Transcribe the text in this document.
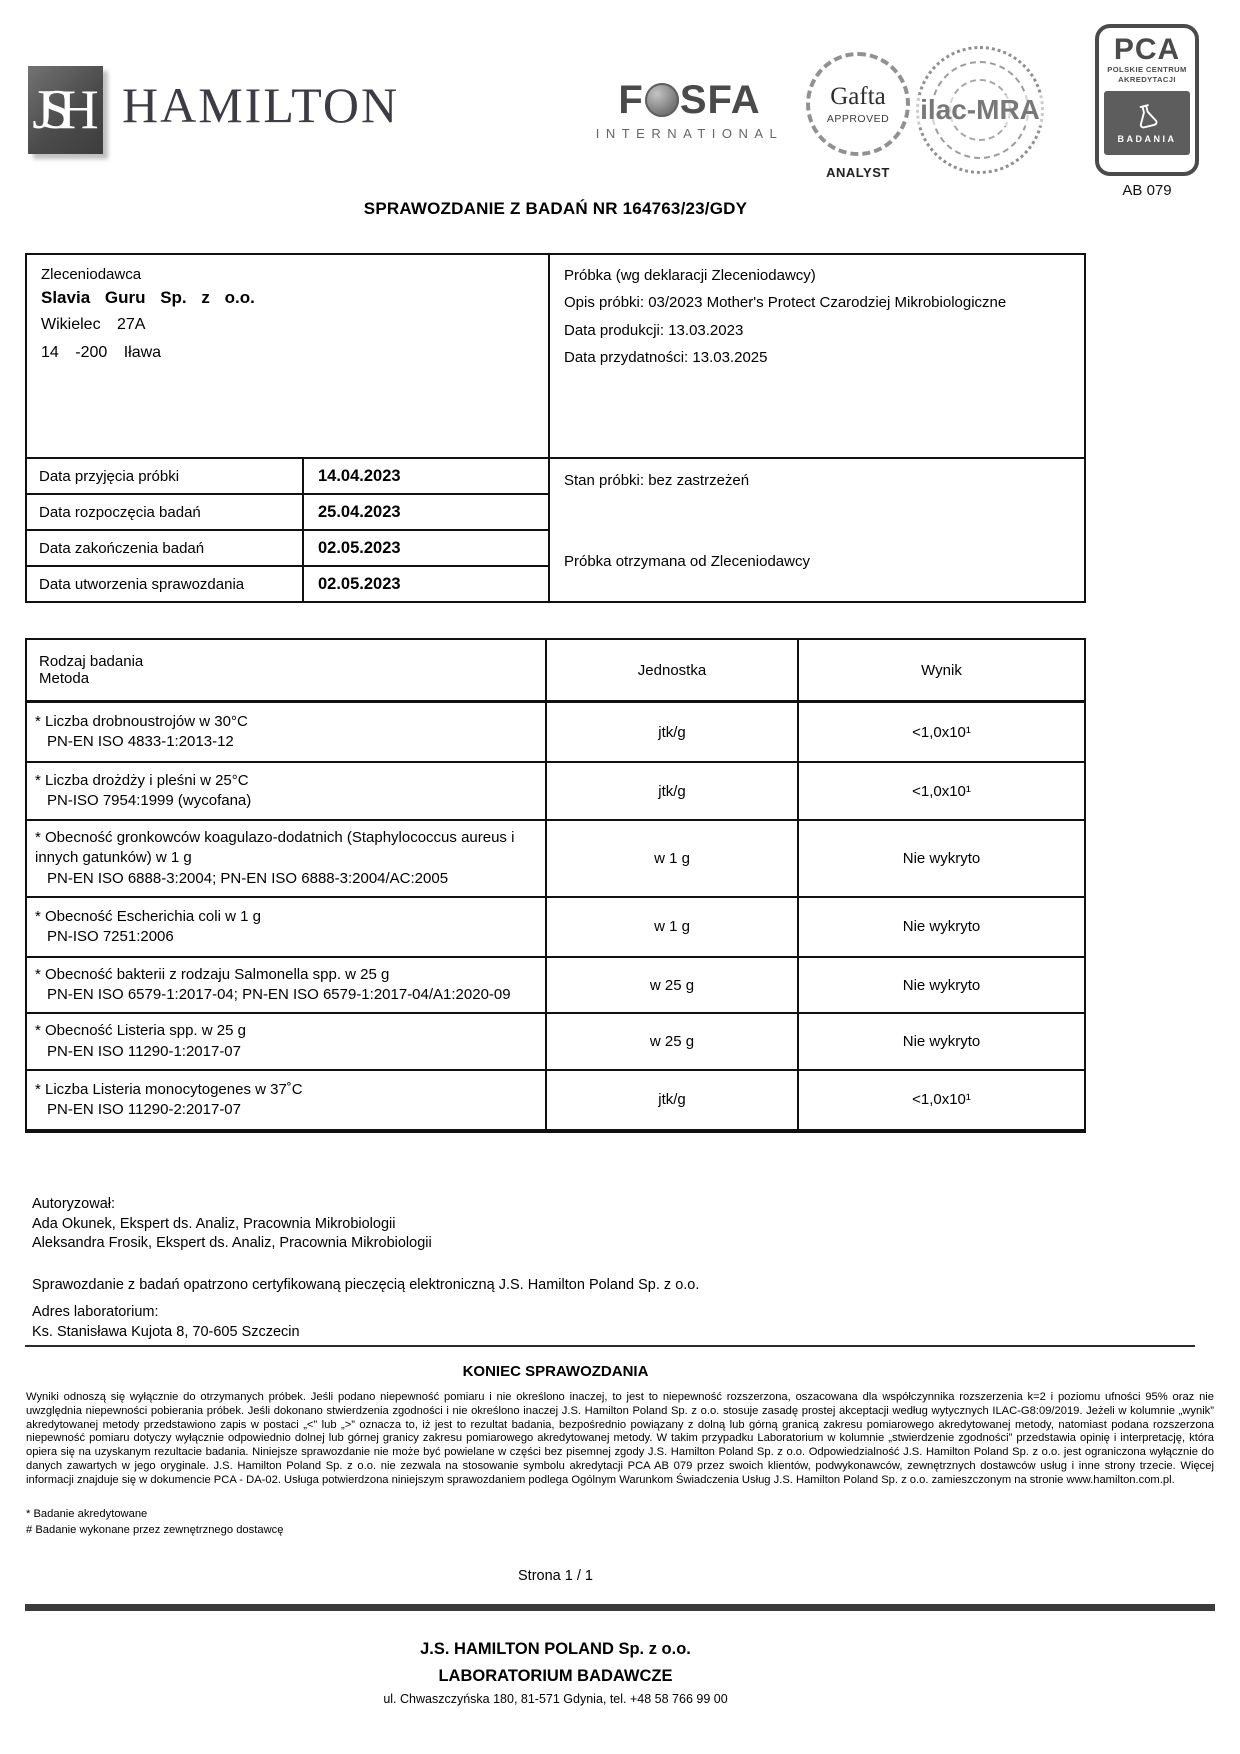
JSH HAMILTON	F SFA
INTERNATIONAL
Gafta
APPROVED
ANALYST
ilac-MRA
PCA
POLSKIE CENTRUM
AKREDYTACJI
BADANIA
AB 079
SPRAWOZDANIE Z BADAŃ NR 164763/23/GDY
Zleceniodawca
Slavia Guru Sp. z o.o.
Wikielec 27A
14 -200 Iława
Próbka (wg deklaracji Zleceniodawcy)
Opis próbki: 03/2023 Mother's Protect Czarodziej Mikrobiologiczne
Data produkcji: 13.03.2023
Data przydatności: 13.03.2025
Data przyjęcia próbki	14.04.2023
Data rozpoczęcia badań	25.04.2023
Data zakończenia badań	02.05.2023
Data utworzenia sprawozdania	02.05.2023
Stan próbki: bez zastrzeżeń
Próbka otrzymana od Zleceniodawcy
Rodzaj badania
Metoda	Jednostka	Wynik
* Liczba drobnoustrojów w 30°C
PN-EN ISO 4833-1:2013-12
jtk/g	<1,0x10¹
* Liczba drożdży i pleśni w 25°C
PN-ISO 7954:1999 (wycofana)
jtk/g	<1,0x10¹
* Obecność gronkowców koagulazo-dodatnich (Staphylococcus aureus i innych gatunków) w 1 g
PN-EN ISO 6888-3:2004; PN-EN ISO 6888-3:2004/AC:2005
w 1 g	Nie wykryto
* Obecność Escherichia coli w 1 g
PN-ISO 7251:2006
w 1 g	Nie wykryto
* Obecność bakterii z rodzaju Salmonella spp. w 25 g
PN-EN ISO 6579-1:2017-04; PN-EN ISO 6579-1:2017-04/A1:2020-09
w 25 g	Nie wykryto
* Obecność Listeria spp. w 25 g
PN-EN ISO 11290-1:2017-07
w 25 g	Nie wykryto
* Liczba Listeria monocytogenes w 37˚C
PN-EN ISO 11290-2:2017-07
jtk/g	<1,0x10¹
Autoryzował:
Ada Okunek, Ekspert ds. Analiz, Pracownia Mikrobiologii
Aleksandra Frosik, Ekspert ds. Analiz, Pracownia Mikrobiologii
Sprawozdanie z badań opatrzono certyfikowaną pieczęcią elektroniczną J.S. Hamilton Poland Sp. z o.o.
Adres laboratorium:
Ks. Stanisława Kujota 8, 70-605 Szczecin
KONIEC SPRAWOZDANIA
Wyniki odnoszą się wyłącznie do otrzymanych próbek. Jeśli podano niepewność pomiaru i nie określono inaczej, to jest to niepewność rozszerzona, oszacowana dla współczynnika rozszerzenia k=2 i poziomu ufności 95% oraz nie uwzględnia niepewności pobierania próbek. Jeśli dokonano stwierdzenia zgodności i nie określono inaczej J.S. Hamilton Poland Sp. z o.o. stosuje zasadę prostej akceptacji według wytycznych ILAC-G8:09/2019. Jeżeli w kolumnie „wynik” akredytowanej metody przedstawiono zapis w postaci „<” lub „>” oznacza to, iż jest to rezultat badania, bezpośrednio powiązany z dolną lub górną granicą zakresu pomiarowego akredytowanej metody, natomiast podana rozszerzona niepewność pomiaru dotyczy wyłącznie odpowiednio dolnej lub górnej granicy zakresu pomiarowego akredytowanej metody. W takim przypadku Laboratorium w kolumnie „stwierdzenie zgodności” przedstawia opinię i interpretację, która opiera się na uzyskanym rezultacie badania. Niniejsze sprawozdanie nie może być powielane w części bez pisemnej zgody J.S. Hamilton Poland Sp. z o.o. Odpowiedzialność J.S. Hamilton Poland Sp. z o.o. jest ograniczona wyłącznie do danych zawartych w jego oryginale. J.S. Hamilton Poland Sp. z o.o. nie zezwala na stosowanie symbolu akredytacji PCA AB 079 przez swoich klientów, podwykonawców, zewnętrznych dostawców usług i inne strony trzecie. Więcej informacji znajduje się w dokumencie PCA - DA-02. Usługa potwierdzona niniejszym sprawozdaniem podlega Ogólnym Warunkom Świadczenia Usług J.S. Hamilton Poland Sp. z o.o. zamieszczonym na stronie www.hamilton.com.pl.
* Badanie akredytowane
# Badanie wykonane przez zewnętrznego dostawcę
Strona 1 / 1
J.S. HAMILTON POLAND Sp. z o.o.
LABORATORIUM BADAWCZE
ul. Chwaszczyńska 180, 81-571 Gdynia, tel. +48 58 766 99 00
